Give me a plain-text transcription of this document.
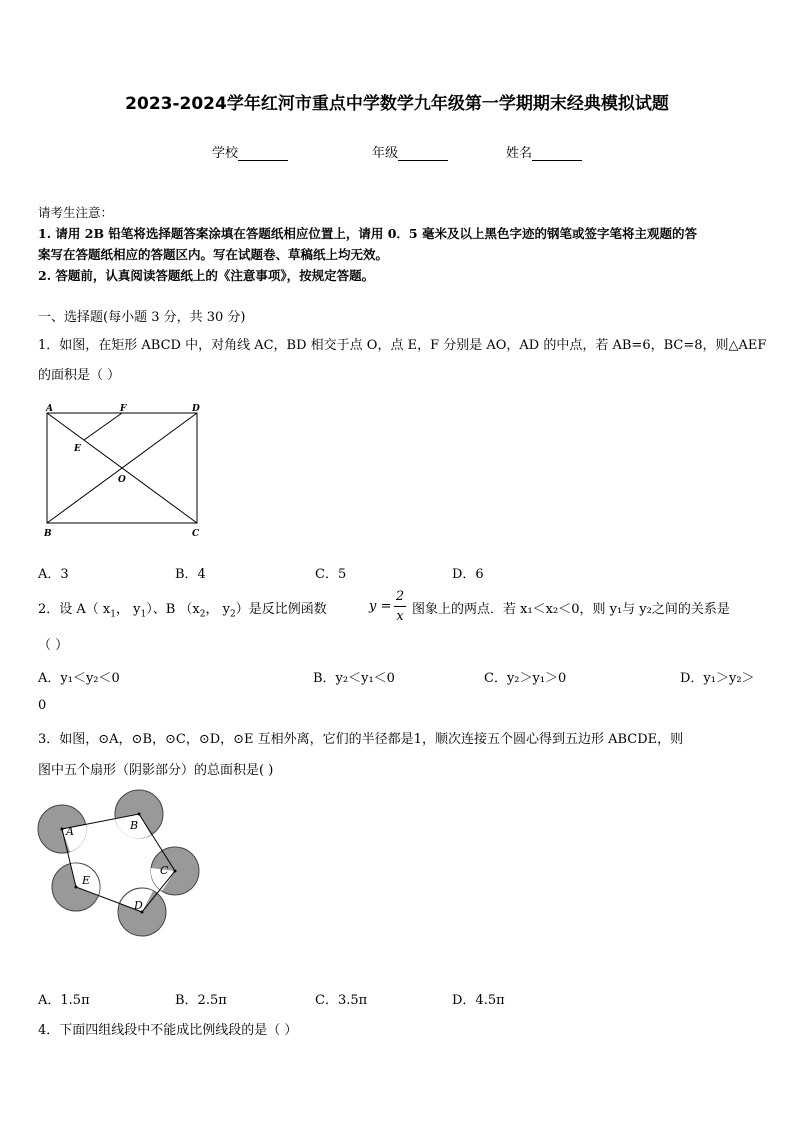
2023-2024学年红河市重点中学数学九年级第一学期期末经典模拟试题
学校	年级	姓名
请考生注意：
1. 请用 2B 铅笔将选择题答案涂填在答题纸相应位置上，请用 0．5 毫米及以上黑色字迹的钢笔或签字笔将主观题的答
案写在答题纸相应的答题区内。写在试题卷、草稿纸上均无效。
2. 答题前，认真阅读答题纸上的《注意事项》，按规定答题。
一、选择题(每小题 3 分，共 30 分)
1．如图，在矩形 ABCD 中，对角线 AC，BD 相交于点 O，点 E，F 分别是 AO，AD 的中点，若 AB=6，BC=8，则△AEF
的面积是（ ）
A	F	D
E
O
B	C
A．3	B．4	C．5	D．6
2．设 A（ $x_1$， $y_1$）、B （$x_2$， $y_2$）是反比例函数	y =
2
x 图象上的两点．若 x₁＜x₂＜0，则 y₁与 y₂之间的关系是
（ ）
A．y₁＜y₂＜0	B．y₂＜y₁＜0	C．y₂＞y₁＞0	D．y₁＞y₂＞
0
3．如图，⊙A，⊙B，⊙C，⊙D，⊙E 互相外离，它们的半径都是1，顺次连接五个圆心得到五边形 ABCDE，则
图中五个扇形（阴影部分）的总面积是( )
A	B
C
D
E
A．1.5π	B．2.5π	C．3.5π	D．4.5π
4．下面四组线段中不能成比例线段的是（ ）
